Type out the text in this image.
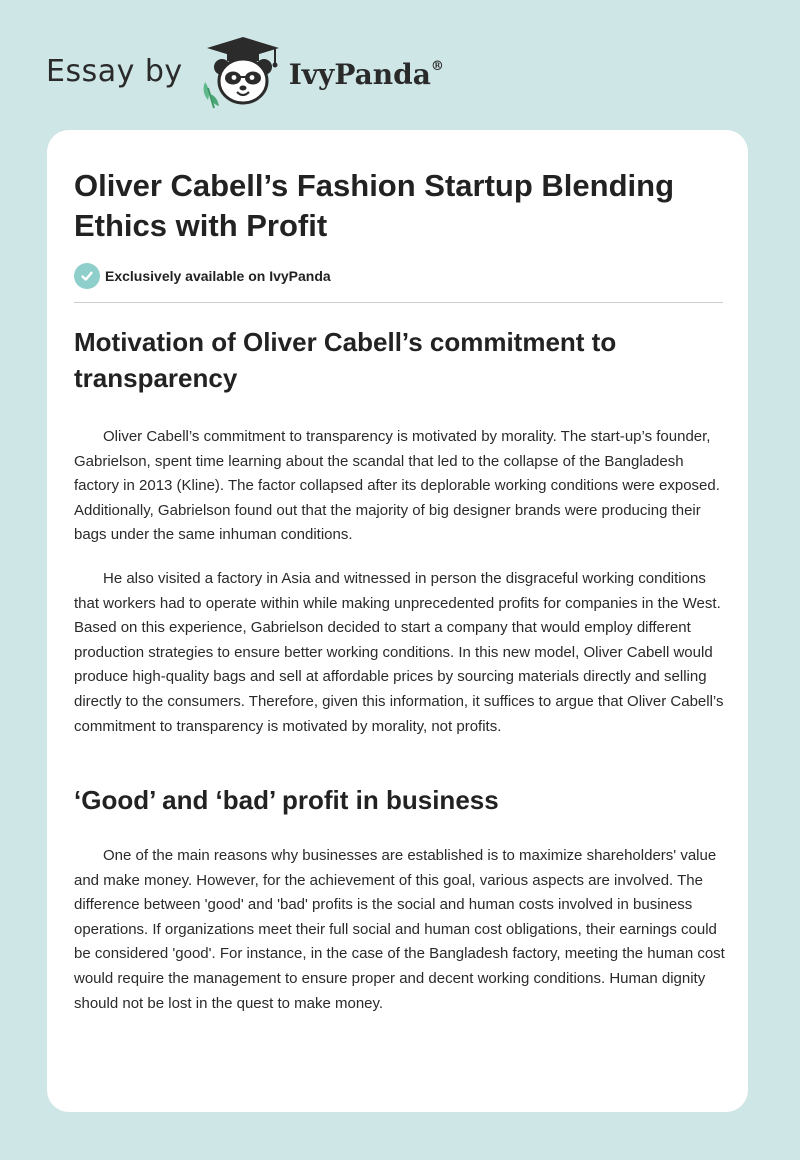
Essay by	IvyPanda®
Oliver Cabell’s Fashion Startup Blending Ethics with Profit
Exclusively available on IvyPanda
Motivation of Oliver Cabell’s commitment to transparency

Oliver Cabell’s commitment to transparency is motivated by morality. The start-up’s founder, Gabrielson, spent time learning about the scandal that led to the collapse of the Bangladesh factory in 2013 (Kline). The factor collapsed after its deplorable working conditions were exposed. Additionally, Gabrielson found out that the majority of big designer brands were producing their bags under the same inhuman conditions.

He also visited a factory in Asia and witnessed in person the disgraceful working conditions that workers had to operate within while making unprecedented profits for companies in the West. Based on this experience, Gabrielson decided to start a company that would employ different production strategies to ensure better working conditions. In this new model, Oliver Cabell would produce high-quality bags and sell at affordable prices by sourcing materials directly and selling directly to the consumers. Therefore, given this information, it suffices to argue that Oliver Cabell’s commitment to transparency is motivated by morality, not profits.

‘Good’ and ‘bad’ profit in business

One of the main reasons why businesses are established is to maximize shareholders' value and make money. However, for the achievement of this goal, various aspects are involved. The difference between 'good' and 'bad' profits is the social and human costs involved in business operations. If organizations meet their full social and human cost obligations, their earnings could be considered 'good'. For instance, in the case of the Bangladesh factory, meeting the human cost would require the management to ensure proper and decent working conditions. Human dignity should not be lost in the quest to make money.
